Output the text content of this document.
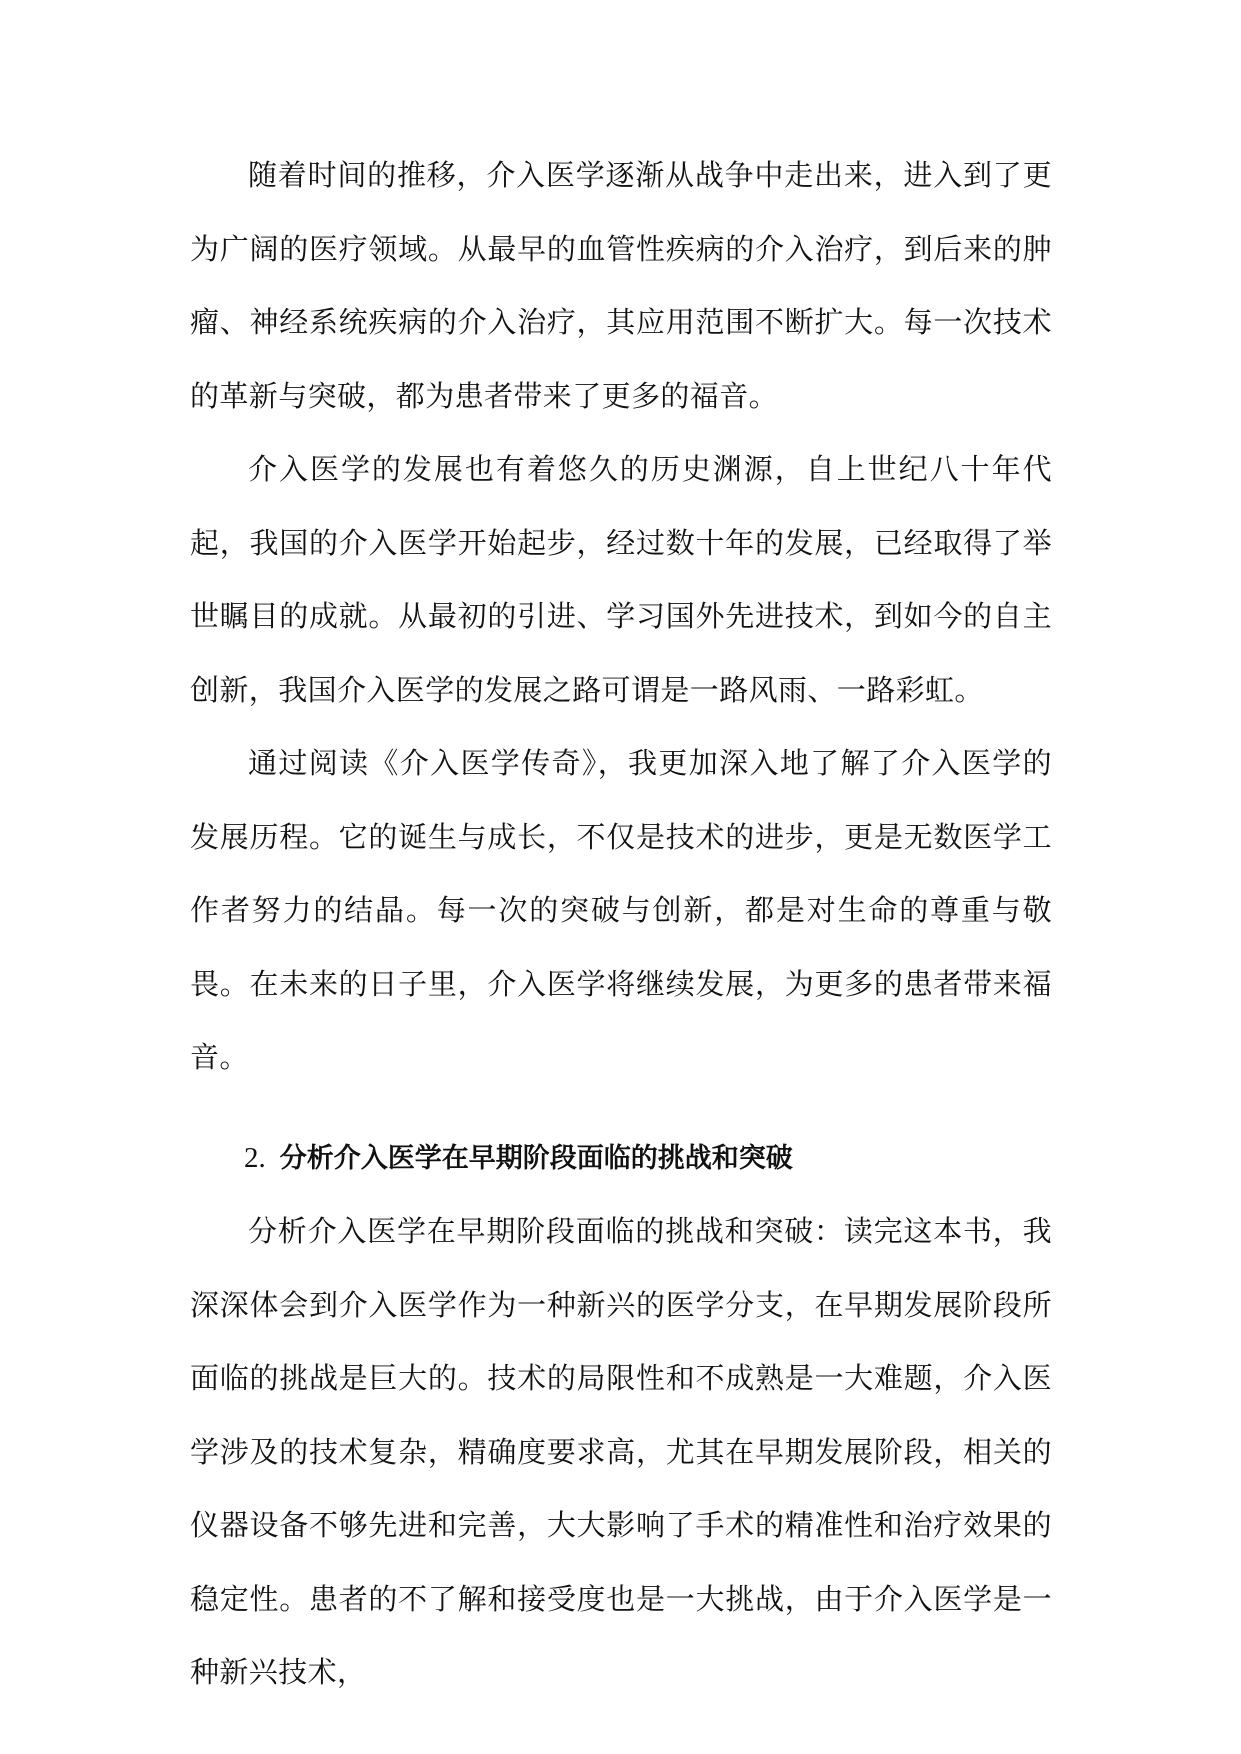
随着时间的推移，介入医学逐渐从战争中走出来，进入到了更为广阔的医疗领域。从最早的血管性疾病的介入治疗，到后来的肿瘤、神经系统疾病的介入治疗，其应用范围不断扩大。每一次技术的革新与突破，都为患者带来了更多的福音。

介入医学的发展也有着悠久的历史渊源，自上世纪八十年代起，我国的介入医学开始起步，经过数十年的发展，已经取得了举世瞩目的成就。从最初的引进、学习国外先进技术，到如今的自主创新，我国介入医学的发展之路可谓是一路风雨、一路彩虹。

通过阅读《介入医学传奇》，我更加深入地了解了介入医学的发展历程。它的诞生与成长，不仅是技术的进步，更是无数医学工作者努力的结晶。每一次的突破与创新，都是对生命的尊重与敬畏。在未来的日子里，介入医学将继续发展，为更多的患者带来福音。

2. 分析介入医学在早期阶段面临的挑战和突破

分析介入医学在早期阶段面临的挑战和突破：读完这本书，我深深体会到介入医学作为一种新兴的医学分支，在早期发展阶段所面临的挑战是巨大的。技术的局限性和不成熟是一大难题，介入医学涉及的技术复杂，精确度要求高，尤其在早期发展阶段，相关的仪器设备不够先进和完善，大大影响了手术的精准性和治疗效果的稳定性。患者的不了解和接受度也是一大挑战，由于介入医学是一种新兴技术，
